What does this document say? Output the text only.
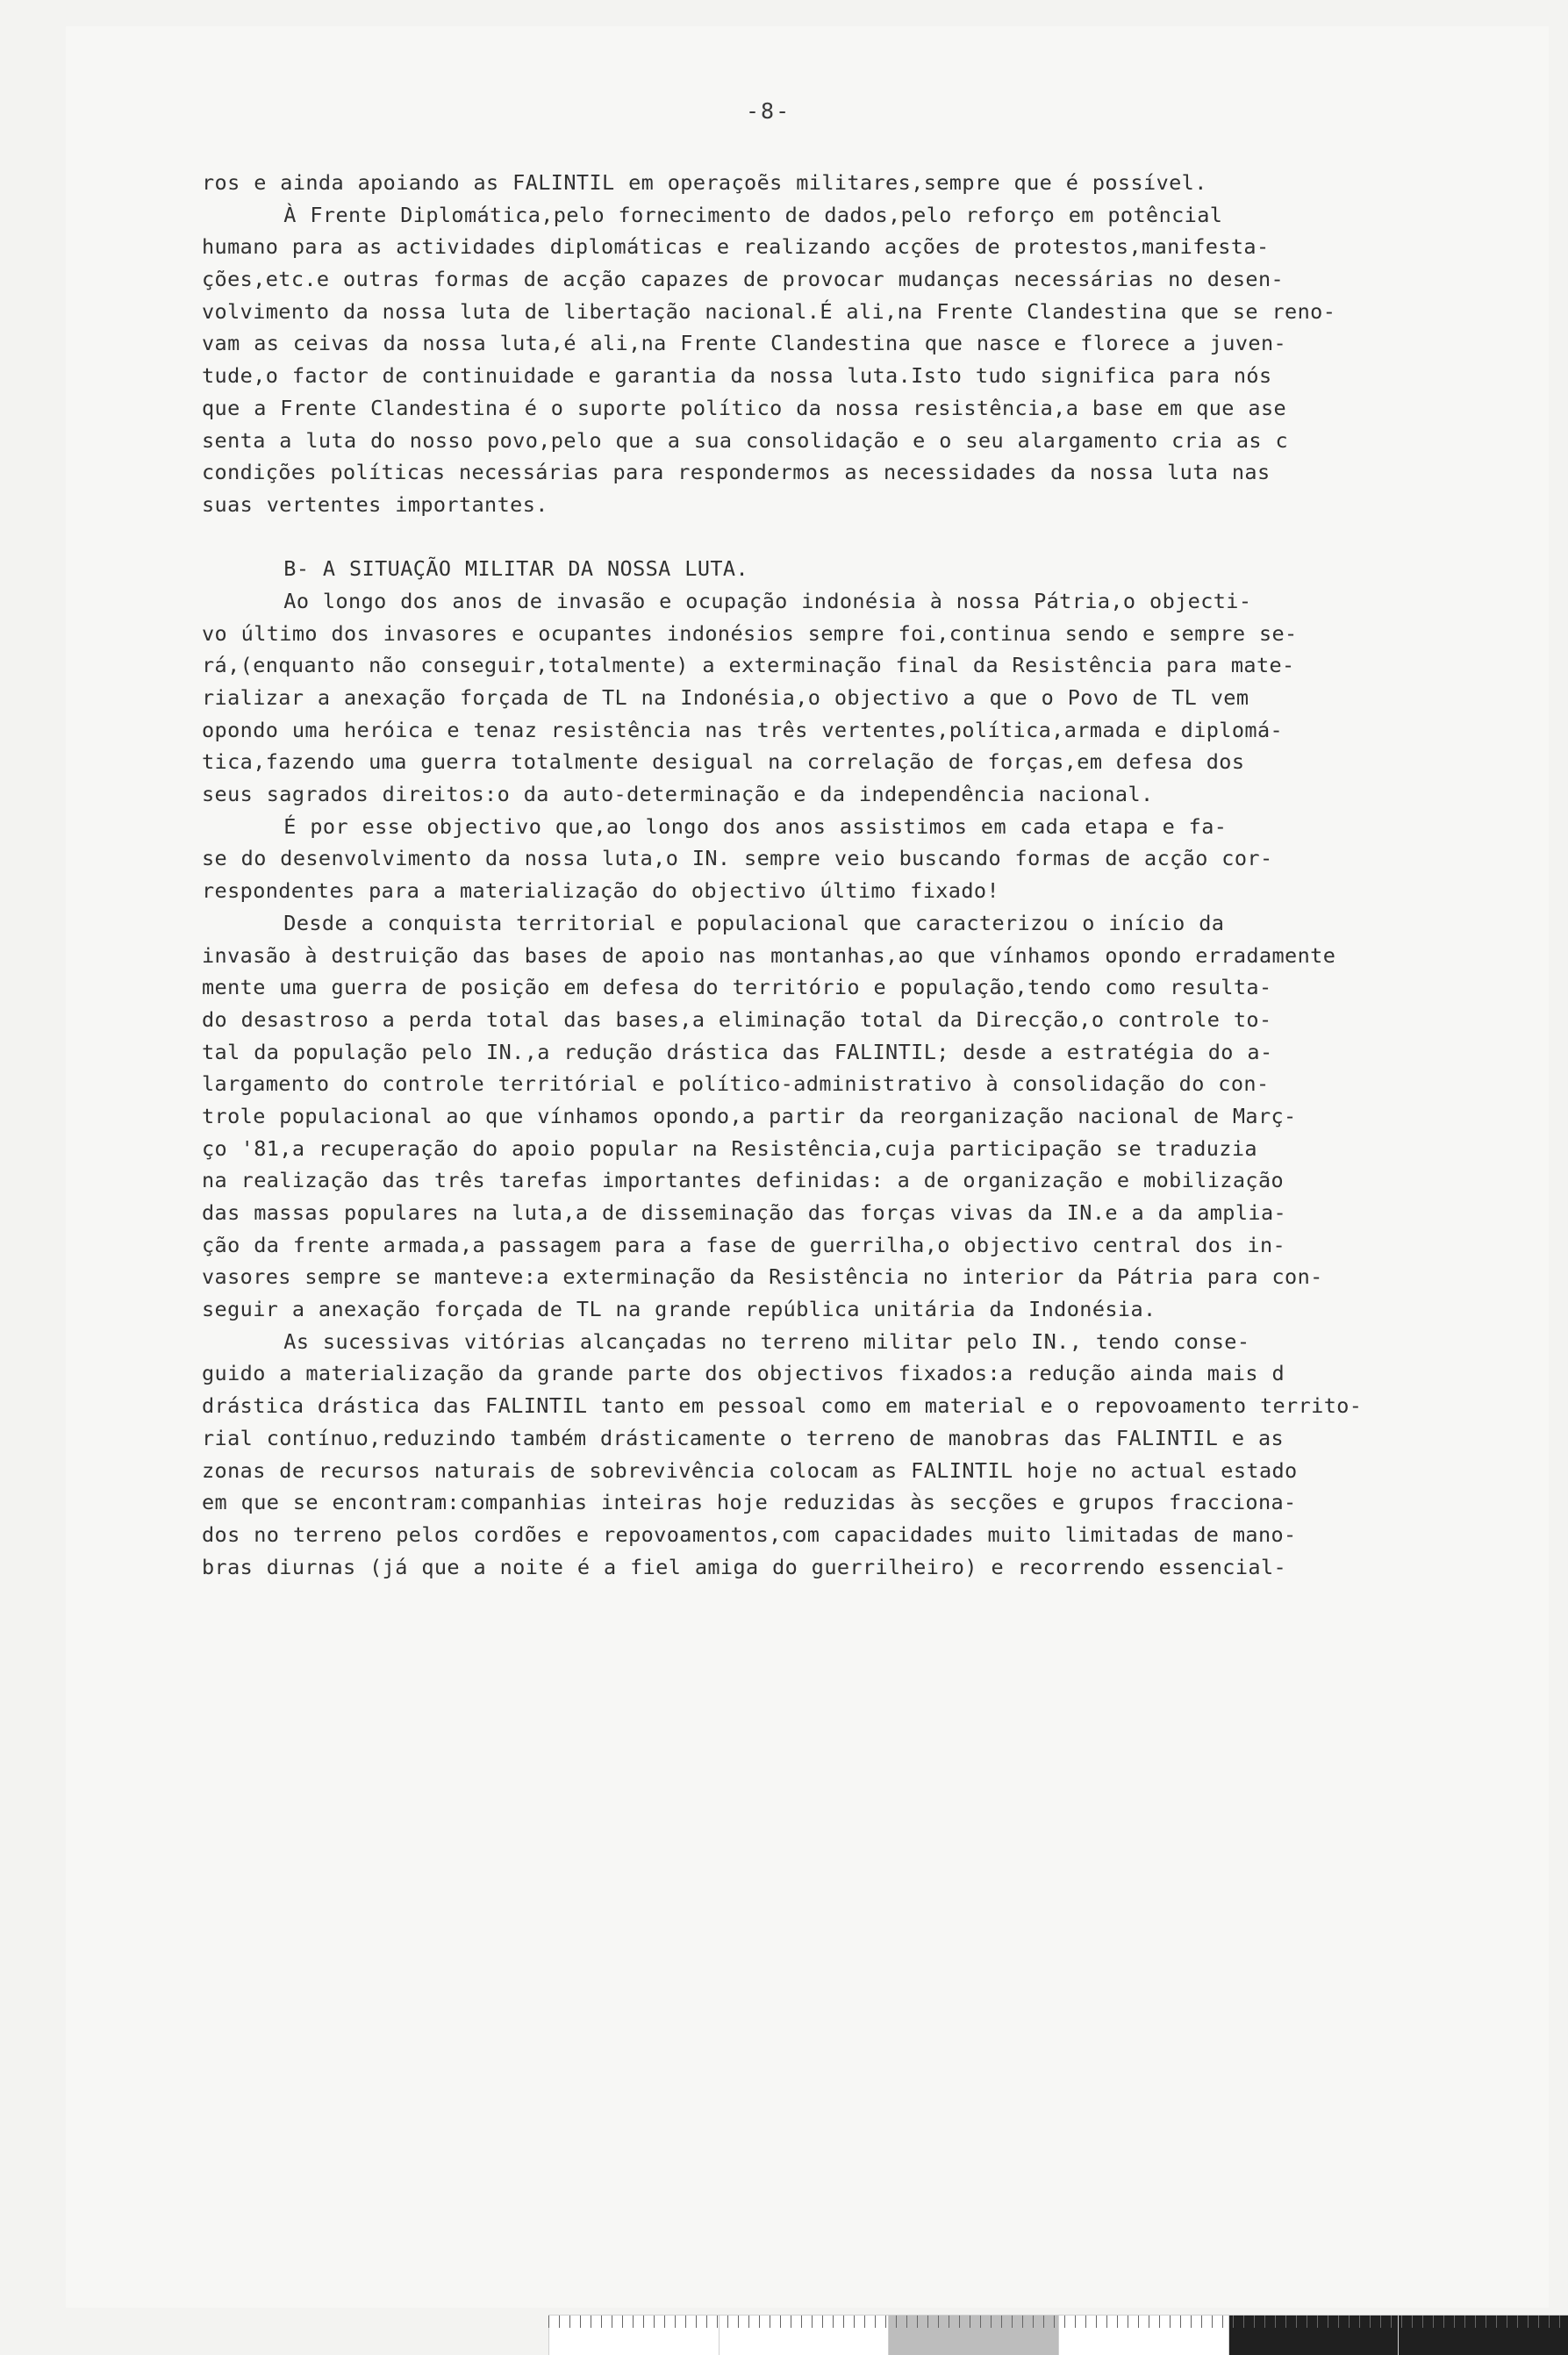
-8-
ros e ainda apoiando as FALINTIL em operaçoẽs militares,sempre que é possível.
À Frente Diplomática,pelo fornecimento de dados,pelo reforço em potêncial
humano para as actividades diplomáticas e realizando acções de protestos,manifesta-
ções,etc.e outras formas de acção capazes de provocar mudanças necessárias no desen-
volvimento da nossa luta de libertação nacional.É ali,na Frente Clandestina que se reno-
vam as ceivas da nossa luta,é ali,na Frente Clandestina que nasce e florece a juven-
tude,o factor de continuidade e garantia da nossa luta.Isto tudo significa para nós
que a Frente Clandestina é o suporte político da nossa resistência,a base em que ase
senta a luta do nosso povo,pelo que a sua consolidação e o seu alargamento cria as c
condições políticas necessárias para respondermos as necessidades da nossa luta nas
suas vertentes importantes.
B- A SITUAÇÃO MILITAR DA NOSSA LUTA.
Ao longo dos anos de invasão e ocupação indonésia à nossa Pátria,o objecti-
vo último dos invasores e ocupantes indonésios sempre foi,continua sendo e sempre se-
rá,(enquanto não conseguir,totalmente) a exterminação final da Resistência para mate-
rializar a anexação forçada de TL na Indonésia,o objectivo a que o Povo de TL vem
opondo uma heróica e tenaz resistência nas três vertentes,política,armada e diplomá-
tica,fazendo uma guerra totalmente desigual na correlação de forças,em defesa dos
seus sagrados direitos:o da auto-determinação e da independência nacional.
É por esse objectivo que,ao longo dos anos assistimos em cada etapa e fa-
se do desenvolvimento da nossa luta,o IN. sempre veio buscando formas de acção cor-
respondentes para a materialização do objectivo último fixado!
Desde a conquista territorial e populacional que caracterizou o início da
invasão à destruição das bases de apoio nas montanhas,ao que vínhamos opondo erradamente
mente uma guerra de posição em defesa do território e população,tendo como resulta-
do desastroso a perda total das bases,a eliminação total da Direcção,o controle to-
tal da população pelo IN.,a redução drástica das FALINTIL; desde a estratégia do a-
largamento do controle territórial e político-administrativo à consolidação do con-
trole populacional ao que vínhamos opondo,a partir da reorganização nacional de Març-
ço '81,a recuperação do apoio popular na Resistência,cuja participação se traduzia
na realização das três tarefas importantes definidas: a de organização e mobilização
das massas populares na luta,a de disseminação das forças vivas da IN.e a da amplia-
ção da frente armada,a passagem para a fase de guerrilha,o objectivo central dos in-
vasores sempre se manteve:a exterminação da Resistência no interior da Pátria para con-
seguir a anexação forçada de TL na grande república unitária da Indonésia.
As sucessivas vitórias alcançadas no terreno militar pelo IN., tendo conse-
guido a materialização da grande parte dos objectivos fixados:a redução ainda mais d
drástica drástica das FALINTIL tanto em pessoal como em material e o repovoamento territo-
rial contínuo,reduzindo também drásticamente o terreno de manobras das FALINTIL e as
zonas de recursos naturais de sobrevivência colocam as FALINTIL hoje no actual estado
em que se encontram:companhias inteiras hoje reduzidas às secções e grupos fracciona-
dos no terreno pelos cordões e repovoamentos,com capacidades muito limitadas de mano-
bras diurnas (já que a noite é a fiel amiga do guerrilheiro) e recorrendo essencial-
